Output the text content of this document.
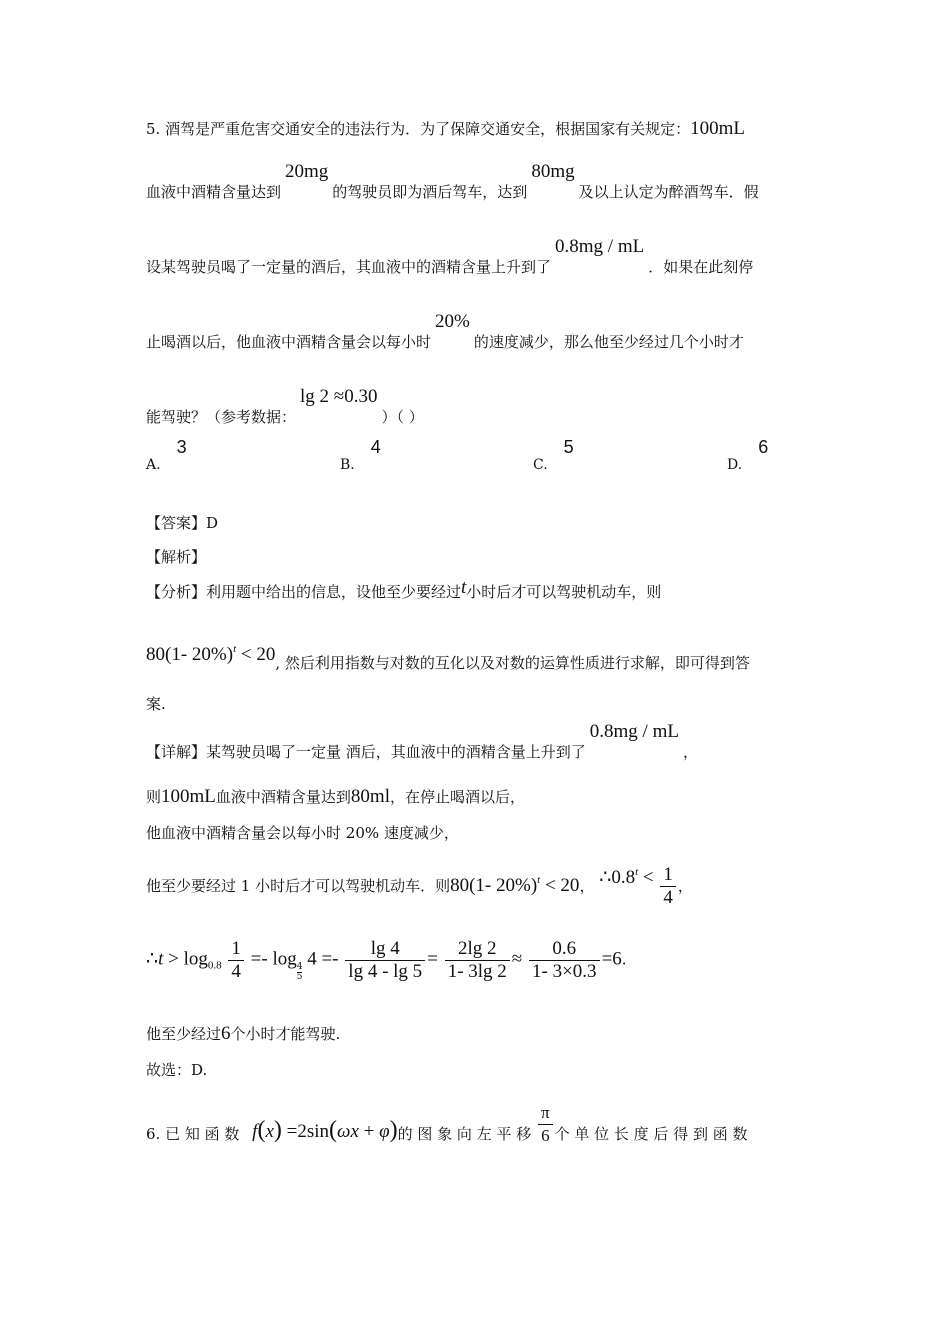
5. 酒驾是严重危害交通安全的违法行为．为了保障交通安全，根据国家有关规定：100mL
血液中酒精含量达到20mg的驾驶员即为酒后驾车，达到80mg及以上认定为醉酒驾车．假
设某驾驶员喝了一定量的酒后，其血液中的酒精含量上升到了0.8mg / mL．如果在此刻停
止喝酒以后，他血液中酒精含量会以每小时20%的速度减少，那么他至少经过几个小时才
能驾驶？（参考数据：lg 2 ≈0.30）（ ）
A.3
B.4
C.5
D.6
【答案】D
【解析】
【分析】利用题中给出的信息，设他至少要经过t小时后才可以驾驶机动车，则
80(1- 20%)$^t$ < 20, 然后利用指数与对数的互化以及对数的运算性质进行求解，即可得到答
案.
【详解】某驾驶员喝了一定量 酒后，其血液中的酒精含量上升到了0.8mg / mL，
则100mL血液中酒精含量达到80ml，在停止喝酒以后，
他血液中酒精含量会以每小时 20% 速度减少，
他至少要经过 1 小时后才可以驾驶机动车．则80(1- 20%)$^t$ < 20， $\therefore 0.8^t < \frac{1}{4}$ ，
∴t > $\log_{0.8} \frac{1}{4} =- \log$
$\frac{4}{5}$
$4 =- \frac{\lg 4}{\lg 4 - \lg 5} = \frac{2\lg 2}{1- 3\lg 2} \approx \frac{0.6}{1- 3\times 0.3} =6$.
他至少经过6个小时才能驾驶.
故选：D.
6. 已 知 函 数 f(x) =2sin(ωx + φ)的 图 象 向 左 平 移 $\frac{\pi}{6}$ 个 单 位 长 度 后 得 到 函 数
